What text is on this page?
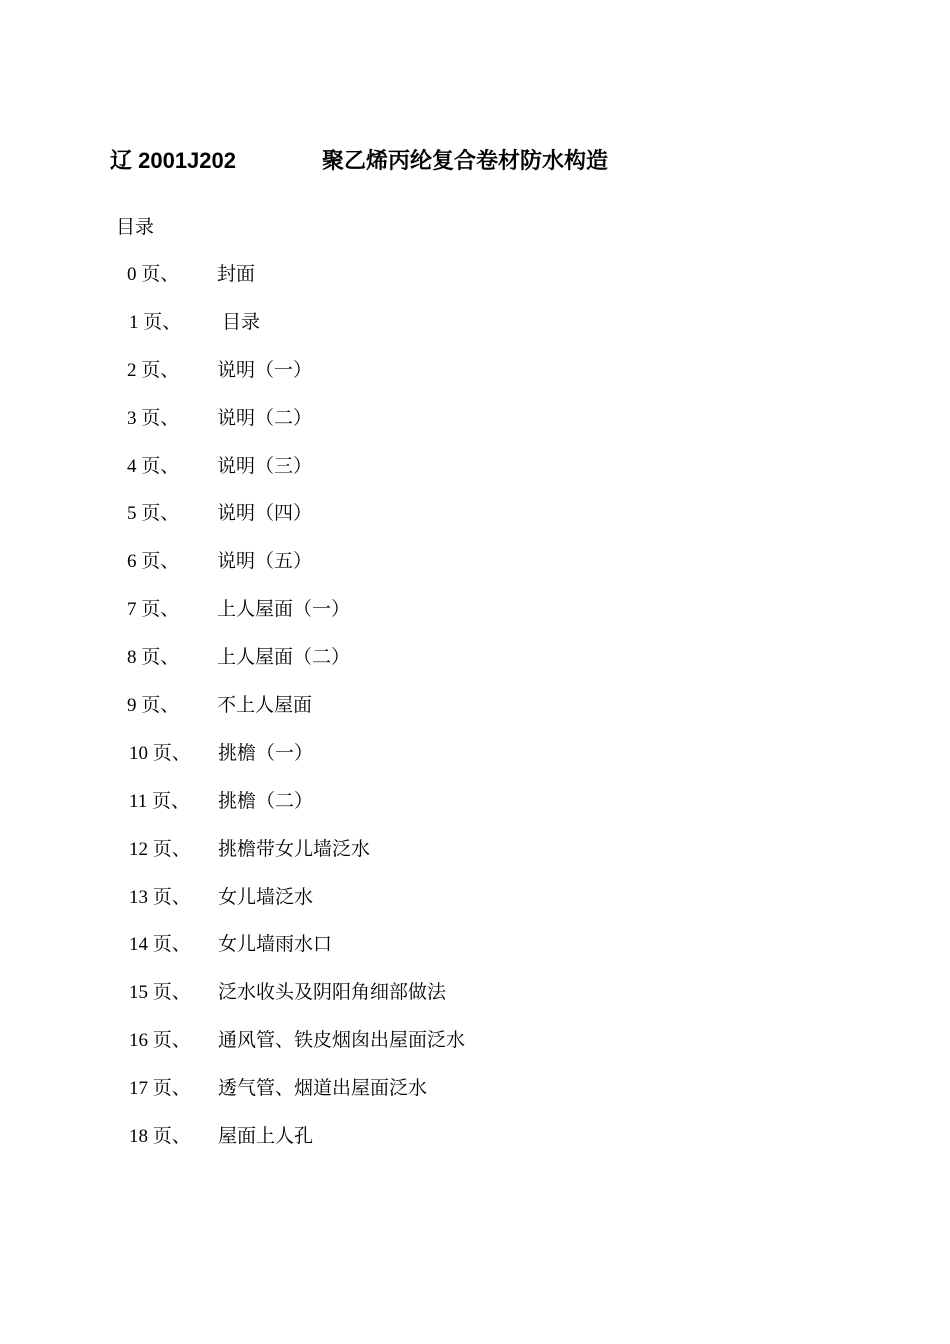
辽 2001J202	聚乙烯丙纶复合卷材防水构造
目录
0 页、 封面
1 页、 目录
2 页、 说明（一）
3 页、 说明（二）
4 页、 说明（三）
5 页、 说明（四）
6 页、 说明（五）
7 页、 上人屋面（一）
8 页、 上人屋面（二）
9 页、 不上人屋面
10 页、 挑檐（一）
11 页、 挑檐（二）
12 页、 挑檐带女儿墙泛水
13 页、 女儿墙泛水
14 页、 女儿墙雨水口
15 页、 泛水收头及阴阳角细部做法
16 页、 通风管、铁皮烟囱出屋面泛水
17 页、 透气管、烟道出屋面泛水
18 页、 屋面上人孔
